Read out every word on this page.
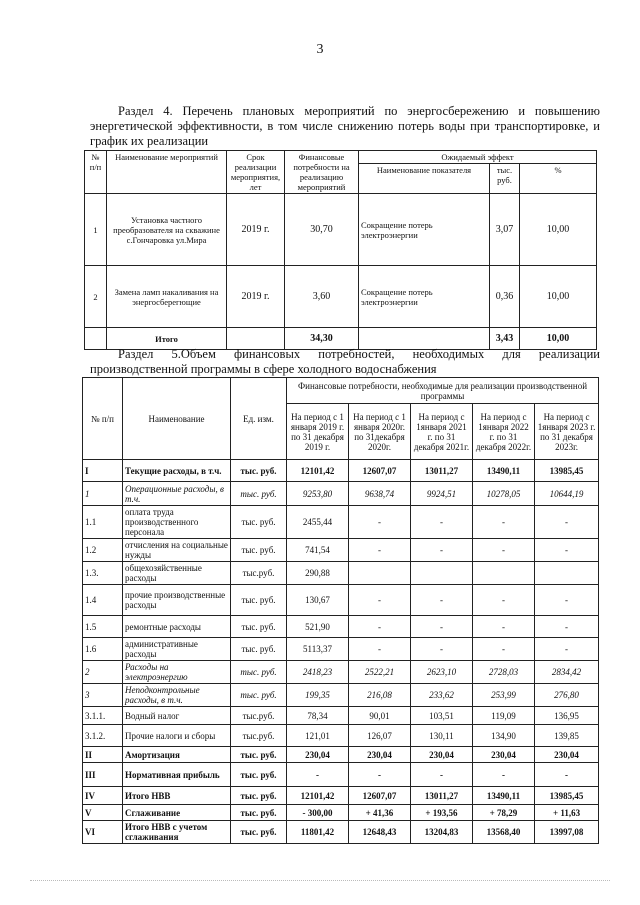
3
Раздел 4. Перечень плановых мероприятий по энергосбережению и повышению энергетической эффективности, в том числе снижению потерь воды при транспортировке, и график их реализации
№ п/п	Наименование мероприятий	Срок реализации мероприятия, лет	Финансовые потребности на реализацию мероприятий	Ожидаемый эффект		
				Наименование показателя	тыс. руб.	%
1	Установка частного преобразователя на скважине с.Гончаровка ул.Мира	2019 г.	30,70	Сокращение потерь электроэнергии	3,07	10,00
2	Замена ламп накаливания на энергосберегющие	2019 г.	3,60	Сокращение потерь электроэнергии	0,36	10,00
	Итого		34,30		3,43	10,00
Раздел 5.Объем финансовых потребностей, необходимых для реализации производственной программы в сфере холодного водоснабжения
№ п/п	Наименование	Ед. изм.	Финансовые потребности, необходимые для реализации производственной программы				
			На период с 1 января 2019 г. по 31 декабря 2019 г.	На период с 1 января 2020г. по 31декабря 2020г.	На период с 1января 2021 г. по 31 декабря 2021г.	На период с 1января 2022 г. по 31 декабря 2022г.	На период с 1января 2023 г. по 31 декабря 2023г.
I	Текущие расходы, в т.ч.	тыс. руб.	12101,42	12607,07	13011,27	13490,11	13985,45
1	Операционные расходы, в т.ч.	тыс. руб.	9253,80	9638,74	9924,51	10278,05	10644,19
1.1	оплата труда производственного персонала	тыс. руб.	2455,44	-	-	-	-
1.2	отчисления на социальные нужды	тыс. руб.	741,54	-	-	-	-
1.3.	общехозяйственные расходы	тыс.руб.	290,88				
1.4	прочие производственные расходы	тыс. руб.	130,67	-	-	-	-
1.5	ремонтные расходы	тыс. руб.	521,90	-	-	-	-
1.6	административные расходы	тыс. руб.	5113,37	-	-	-	-
2	Расходы на электроэнергию	тыс. руб.	2418,23	2522,21	2623,10	2728,03	2834,42
3	Неподконтрольные расходы, в т.ч.	тыс. руб.	199,35	216,08	233,62	253,99	276,80
3.1.1.	Водный налог	тыс.руб.	78,34	90,01	103,51	119,09	136,95
3.1.2.	Прочие налоги и сборы	тыс.руб.	121,01	126,07	130,11	134,90	139,85
II	Амортизация	тыс. руб.	230,04	230,04	230,04	230,04	230,04
III	Нормативная прибыль	тыс. руб.	-	-	-	-	-
IV	Итого НВВ	тыс. руб.	12101,42	12607,07	13011,27	13490,11	13985,45
V	Сглаживание	тыс. руб.	- 300,00	+ 41,36	+ 193,56	+ 78,29	+ 11,63
VI	Итого НВВ с учетом сглаживания	тыс. руб.	11801,42	12648,43	13204,83	13568,40	13997,08
